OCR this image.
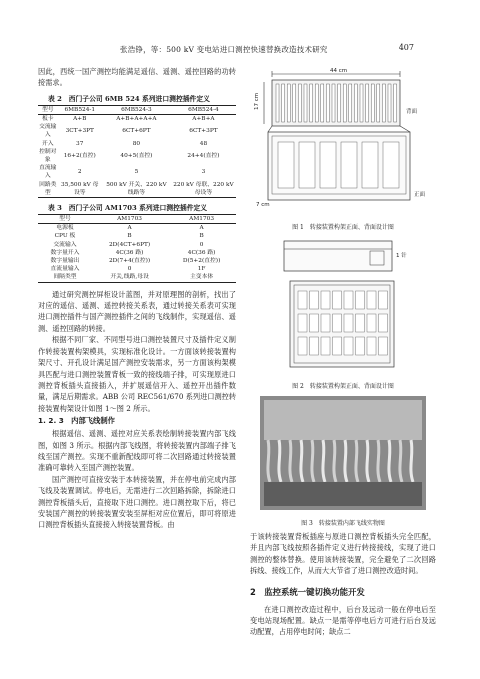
张浩铮，等：500 kV 变电站进口测控快速替换改造技术研究	407

因此，西统一国产测控均能满足遥信、遥测、遥控回路的功转接需求。

表 2　西门子公司 6MB 524 系列进口测控插件定义
型号	6MB524-1	6MB524-3	6MB524-4
板卡	A+B	A+B+A+A+A	A+B+A
交流输入	3CT+3PT	6CT+6PT	6CT+3PT
开入	37	80	48
控制对象	16+2(直控)	40+5(直控)	24+4(直控)
直流输入	2	5	3
回路类型	35,500 kV 母设等	500 kV 开关、220 kV 线路等	220 kV 母联、220 kV 母设等
表 3　西门子公司 AM1703 系列进口测控插件定义
型号	AM1703	AM1703
电源板	A	A
CPU 板	B	B
交流输入	2D(4CT+6PT)	0
数字量开入	4C(36 路)	4C(36 路)
数字量输出	2D(7+4(直控))	D(5+2(直控))
直流量输入	0	1F
间隔类型	开关,线路,母设	主变本体

通过研究测控屏柜设计蓝图，并对原理图的剖析，找出了对应的遥信、遥测、遥控转接关系表，通过转接关系表可实现进口测控插件与国产测控插件之间的飞线制作，实现遥信、遥测、遥控回路的转接。

根据不同厂家、不同型号进口测控装置尺寸及插件定义制作转接装置构架模具，实现标准化设计。一方面该转接装置构架尺寸、开孔设计满足国产测控安装需求，另一方面该构架模具匹配与进口测控装置背板一致的接线端子排，可实现原进口测控背板插头直接插入，并扩展遥信开入、遥控开出插件数量，满足后期需求。ABB 公司 REC561/670 系列进口测控转接装置构架设计如图 1～图 2 所示。

1. 2. 3　内部飞线制作

根据遥信、遥测、遥控对应关系表绘制转接装置内部飞线图，如图 3 所示。根据内部飞线图，将转接装置内部端子排飞线至国产测控。实现不重新配线即可将二次回路通过转接装置准确可靠转入至国产测控装置。

国产测控可直接安装于本转接装置，并在停电前完成内部飞线及装置调试。停电后，无需进行二次回路拆除，拆除进口测控背板插头后，直接取下进口测控。进口测控取下后，将已安装国产测控的转接装置安装至屏柜对应位置后，即可将原进口测控背板插头直接接入转接装置背板。由

44 cm
17 cm
背面
正面
7 cm
图 1　转接装置构架正面、背面设计图
1 针
图 2　转接装置构架正面、背面设计图
图 3　转接装置内部飞线实物图

于该转接装置背板插座与原进口测控背板插头完全匹配，并且内部飞线按照各插件定义进行转接接线，实现了进口测控的整体替换。使用该转接装置，完全避免了二次回路拆线、接线工作，从而大大节省了进口测控改造时间。

2　监控系统一键切换功能开发

在进口测控改造过程中，后台及远动一般在停电后至变电站现场配置。缺点一是需等停电后方可进行后台及远动配置，占用停电时间；缺点二
